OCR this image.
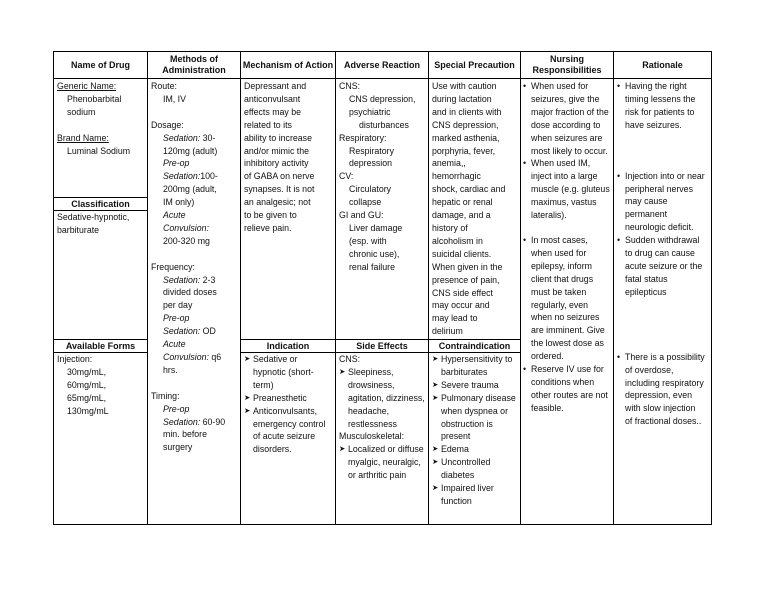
Name of Drug
Methods of Administration
Mechanism of Action	Adverse Reaction	Special Precaution
Nursing Responsibilities
Rationale
Generic Name:
Phenobarbital
sodium
Brand Name:
Luminal Sodium
Classification
Sedative-hypnotic,
barbiturate
Available Forms
Injection:
30mg/mL,
60mg/mL,
65mg/mL,
130mg/mL
Route:
IM, IV
Dosage:
Sedation: 30-
120mg (adult)
Pre-op
Sedation:100-
200mg (adult,
IM only)
Acute
Convulsion:
200-320 mg
Frequency:
Sedation: 2-3
divided doses
per day
Pre-op
Sedation: OD
Acute
Convulsion: q6
hrs.
Timing:
Pre-op
Sedation: 60-90
min. before
surgery
Depressant and
anticonvulsant
effects may be
related to its
ability to increase
and/or mimic the
inhibitory activity
of GABA on nerve
synapses. It is not
an analgesic; not
to be given to
relieve pain.
Indication
➤ Sedative or hypnotic (short-term)
➤ Preanesthetic
➤ Anticonvulsants, emergency control of acute seizure disorders.
CNS:
CNS depression,
psychiatric
disturbances
Respiratory:
Respiratory
depression
CV:
Circulatory
collapse
GI and GU:
Liver damage
(esp. with
chronic use),
renal failure
Side Effects
CNS:
➤ Sleepiness, drowsiness, agitation, dizziness, headache, restlessness
Musculoskeletal:
➤ Localized or diffuse myalgic, neuralgic, or arthritic pain
Use with caution
during lactation
and in clients with
CNS depression,
marked asthenia,
porphyria, fever,
anemia,,
hemorrhagic
shock, cardiac and
hepatic or renal
damage, and a
history of
alcoholism in
suicidal clients.
When given in the
presence of pain,
CNS side effect
may occur and
may lead to
delirium
Contraindication
➤ Hypersensitivity to barbiturates
➤ Severe trauma
➤ Pulmonary disease when dyspnea or obstruction is present
➤ Edema
➤ Uncontrolled diabetes
➤ Impaired liver function
• When used for seizures, give the major fraction of the dose according to when seizures are most likely to occur.
• When used IM, inject into a large muscle (e.g. gluteus maximus, vastus lateralis).
• In most cases, when used for epilepsy, inform client that drugs must be taken regularly, even when no seizures are imminent. Give the lowest dose as ordered.
• Reserve IV use for conditions when other routes are not feasible.
• Having the right timing lessens the risk for patients to have seizures.
• Injection into or near peripheral nerves may cause permanent neurologic deficit.
• Sudden withdrawal to drug can cause acute seizure or the fatal status epilepticus
• There is a possibility of overdose, including respiratory depression, even with slow injection of fractional doses..
